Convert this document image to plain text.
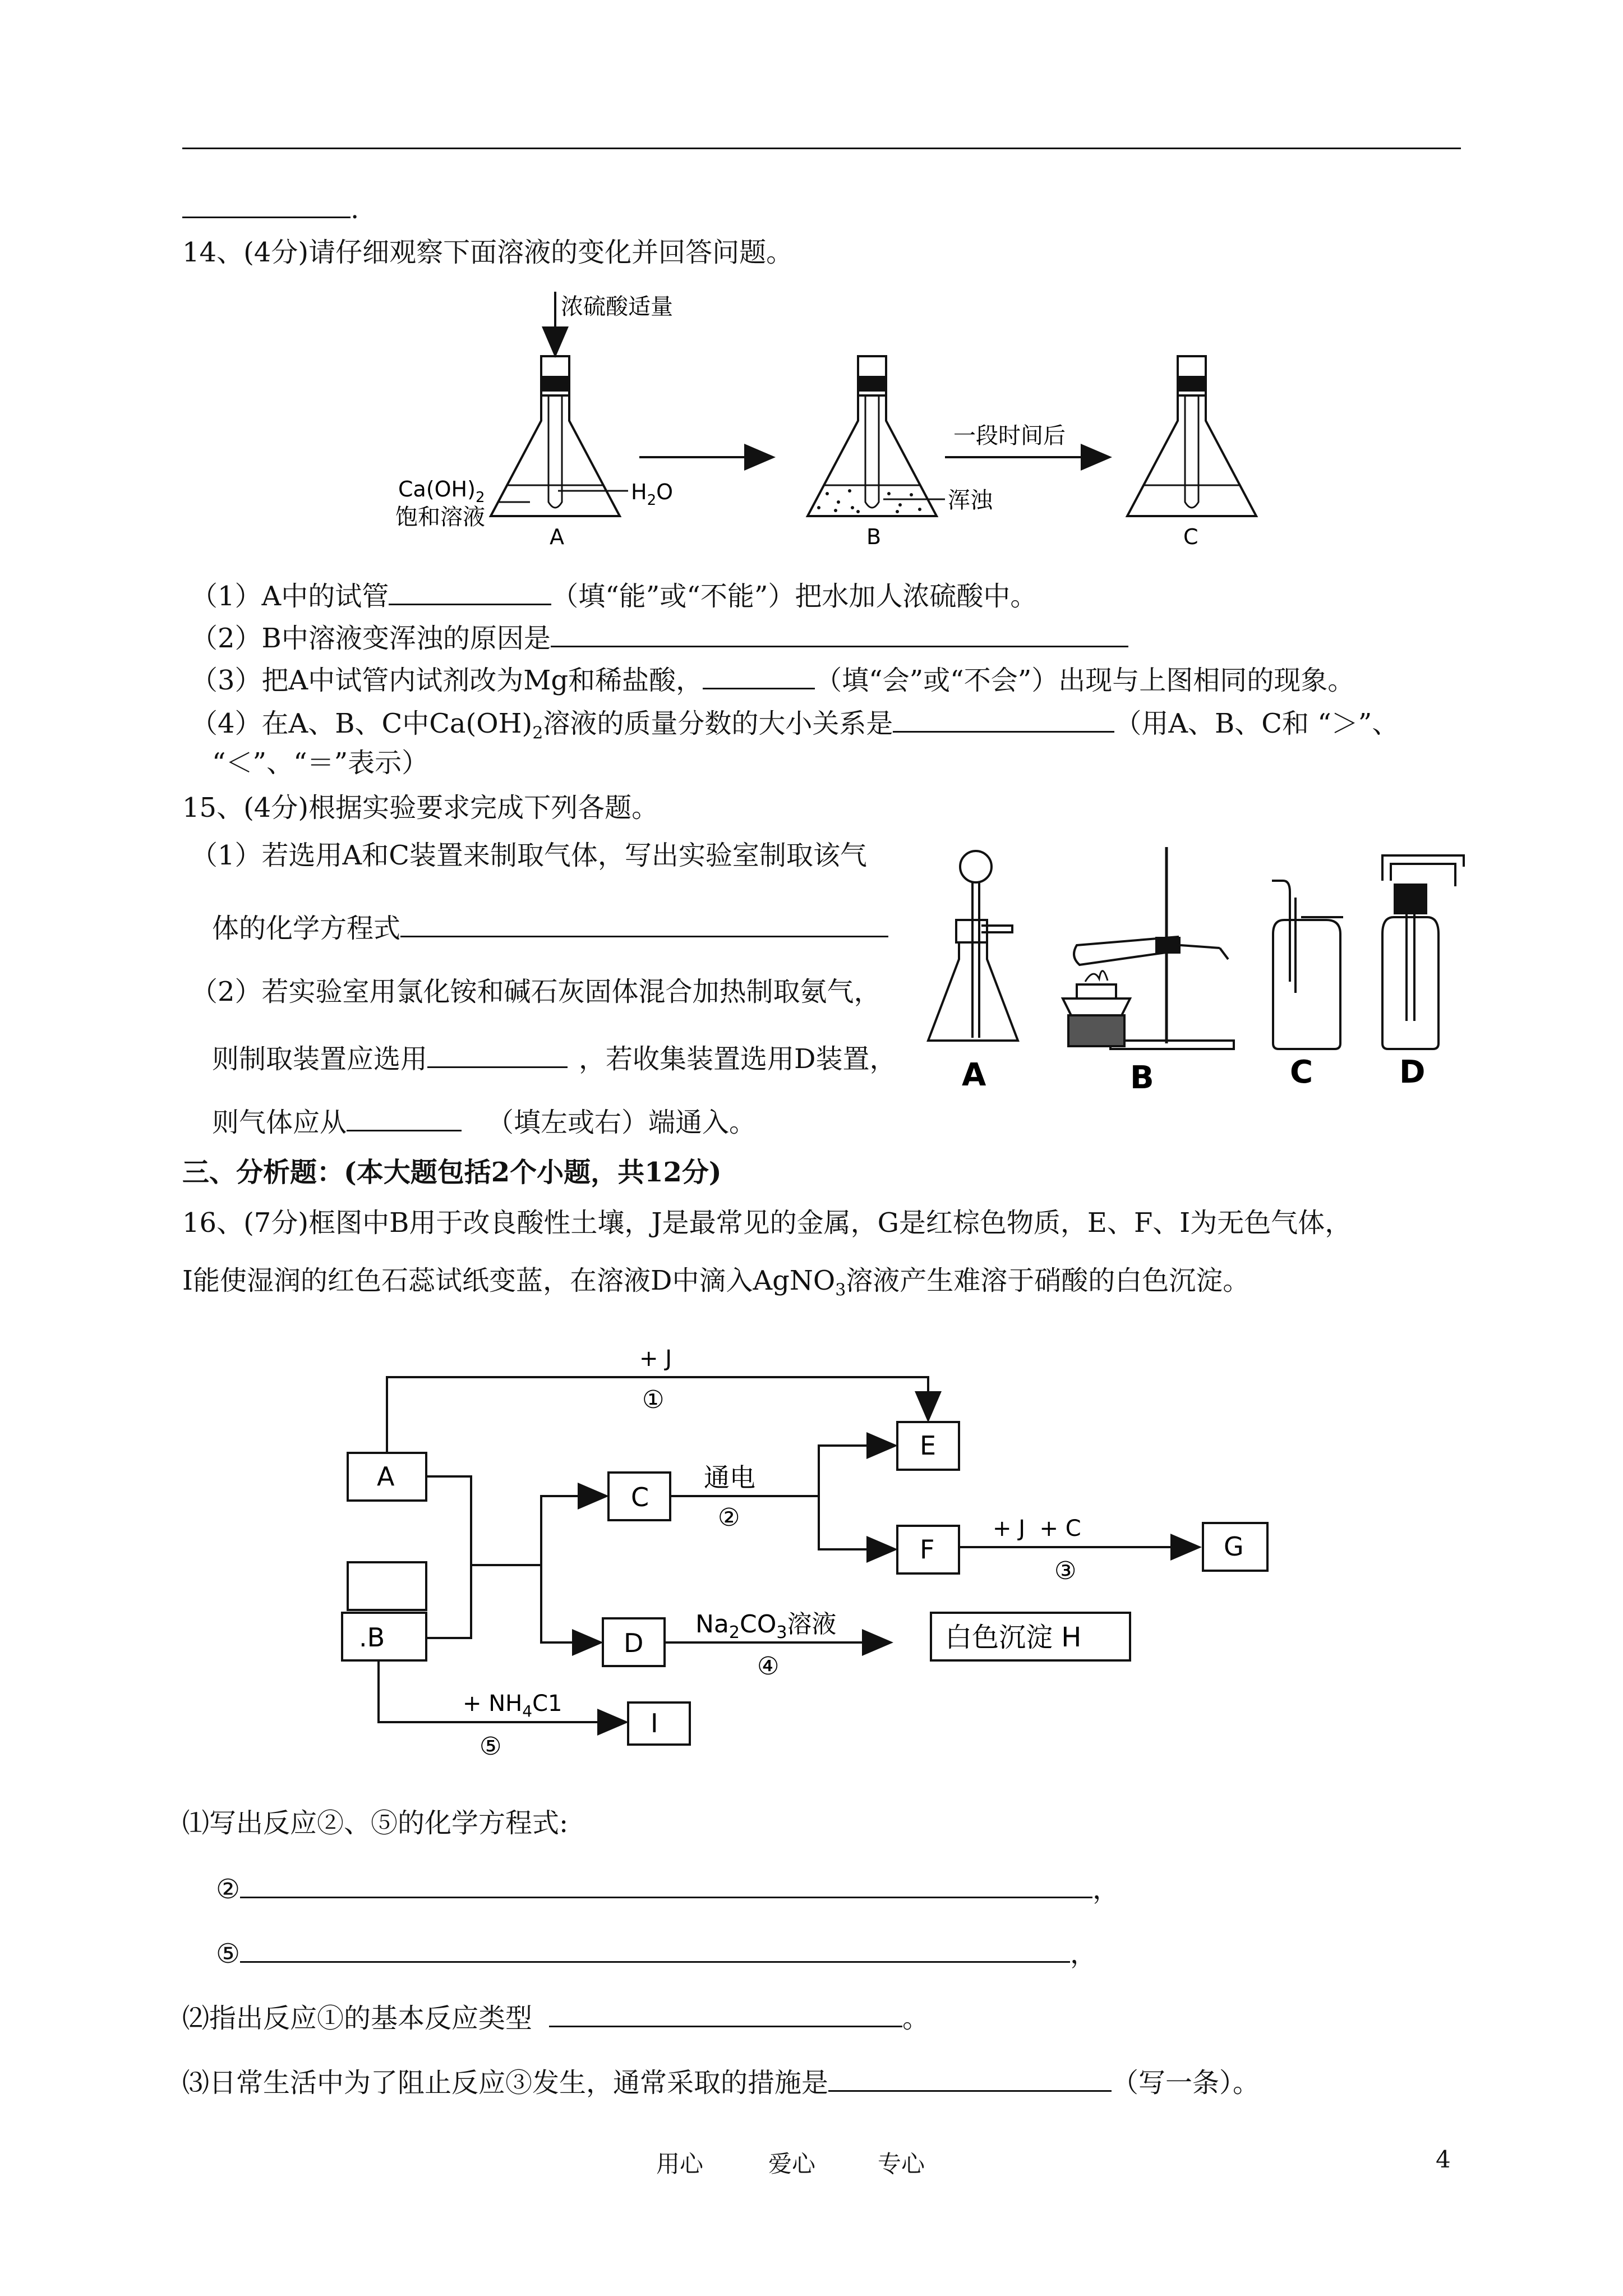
.
14、(4分)请仔细观察下面溶液的变化并回答问题。
浓硫酸适量
$Ca(OH)_2$
饱和溶液
$H_2O$
A
浑浊
B
一段时间后
C
（1）A中的试管	（填“能”或“不能”）把水加人浓硫酸中。
（2）B中溶液变浑浊的原因是
（3）把A中试管内试剂改为Mg和稀盐酸，	（填“会”或“不会”）出现与上图相同的现象。
（4）在A、B、C中$Ca(OH)_2$溶液的质量分数的大小关系是	（用A、B、C和 “＞”、
“＜”、“＝”表示）
15、(4分)根据实验要求完成下列各题。
（1）若选用A和C装置来制取气体，写出实验室制取该气
体的化学方程式
（2）若实验室用氯化铵和碱石灰固体混合加热制取氨气，
则制取装置应选用	，若收集装置选用D装置，
则气体应从	（填左或右）端通入。
A	B	C	D
三、分析题：(本大题包括2个小题，共12分)
16、(7分)框图中B用于改良酸性土壤，J是最常见的金属，G是红棕色物质，E、F、I为无色气体，
I能使湿润的红色石蕊试纸变蓝，在溶液D中滴入AgNO$_3$溶液产生难溶于硝酸的白色沉淀。
A
.B
C
D
E
F	G
白色沉淀 H
I
+ J
①
通电
②	+ J  + C
③
$Na_2CO_3$溶液
④
+ $NH_4C1$
⑤
⑴写出反应②、⑤的化学方程式:
②	，
⑤	，
⑵指出反应①的基本反应类型	。
⑶日常生活中为了阻止反应③发生，通常采取的措施是	（写一条）。
用心	爱心	专心	4
